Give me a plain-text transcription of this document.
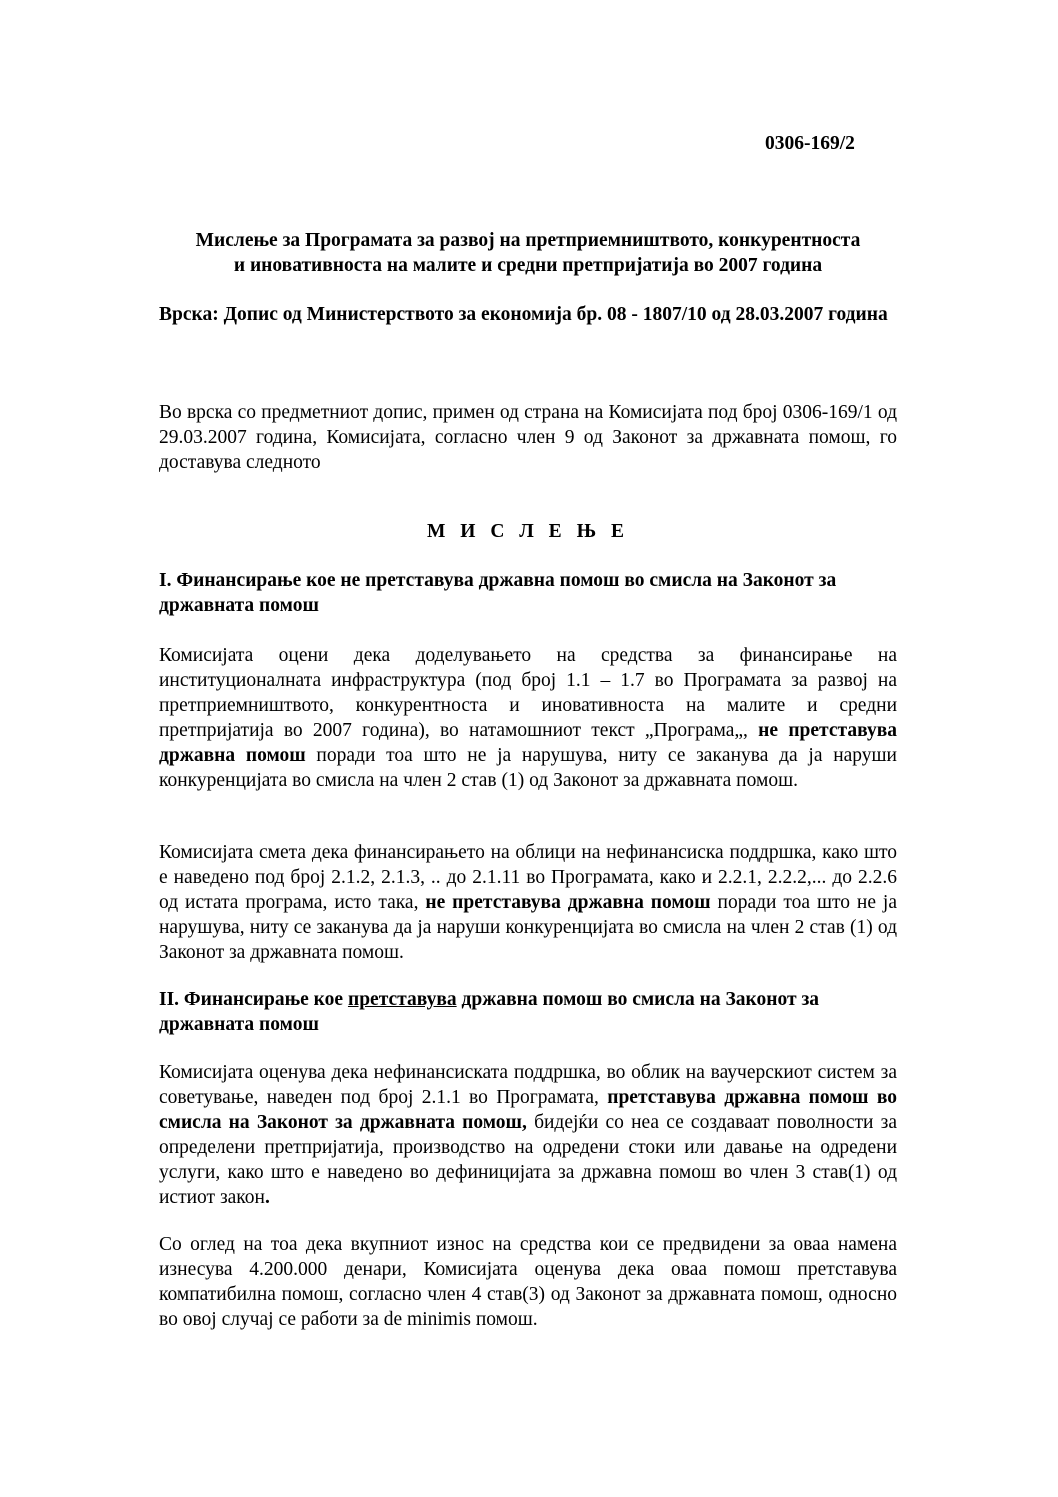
0306-169/2

Мислење за Програмата за развој на претприемништвото, конкурентноста

и иновативноста на малите и средни претпријатија во 2007 година

Врска: Допис од Министерството за економија бр. 08 - 1807/10 од 28.03.2007 година

Во врска со предметниот допис, примен од страна на Комисијата под број 0306-169/1 од 29.03.2007 година, Комисијата, согласно член 9 од Законот за државната помош, го доставува следното

М И С Л Е Њ Е

I. Финансирање кое не претставува државна помош во смисла на Законот за државната помош

Комисијата оцени дека доделувањето на средства за финансирање на институционалната инфраструктура (под број 1.1 – 1.7 во Програмата за развој на претприемништвото, конкурентноста и иновативноста на малите и средни претпријатија во 2007 година), во натамошниот текст „Програма„, не претставува државна помош поради тоа што не ја нарушува, ниту се закaнува да ја наруши конкуренцијата во смисла на член 2 став (1) од Законот за државната помош.

Комисијата смета дека финансирањето на облици на нефинансиска поддршка, како што е наведено под број 2.1.2, 2.1.3, .. до 2.1.11 во Програмата, како и 2.2.1, 2.2.2,... до 2.2.6 од истата програма, исто така, не претставува државна помош поради тоа што не ја нарушува, ниту се заканува да ја наруши конкуренцијата во смисла на член 2 став (1) од Законот за државната помош.

II. Финансирање кое претставува државна помош во смисла на Законот за државната помош

Комисијата оценува дека нефинансиската поддршка, во облик на ваучерскиот систем за советување, наведен под број 2.1.1 во Програмата, претставува државна помош во смисла на Законот за државната помош, бидејќи со неа се создаваат поволности за определени претпријатија, производство на одредени стоки или давање на одредени услуги, како што е наведено во дефиницијата за државна помош во член 3 став(1) од истиот закон.

Со оглед на тоа дека вкупниот износ на средства кои се предвидени за оваа намена изнесува 4.200.000 денари, Комисијата оценува дека оваа помош претставува компатибилна помош, согласно член 4 став(3) од Законот за државната помош, односно во овој случај се работи за de minimis помош.
